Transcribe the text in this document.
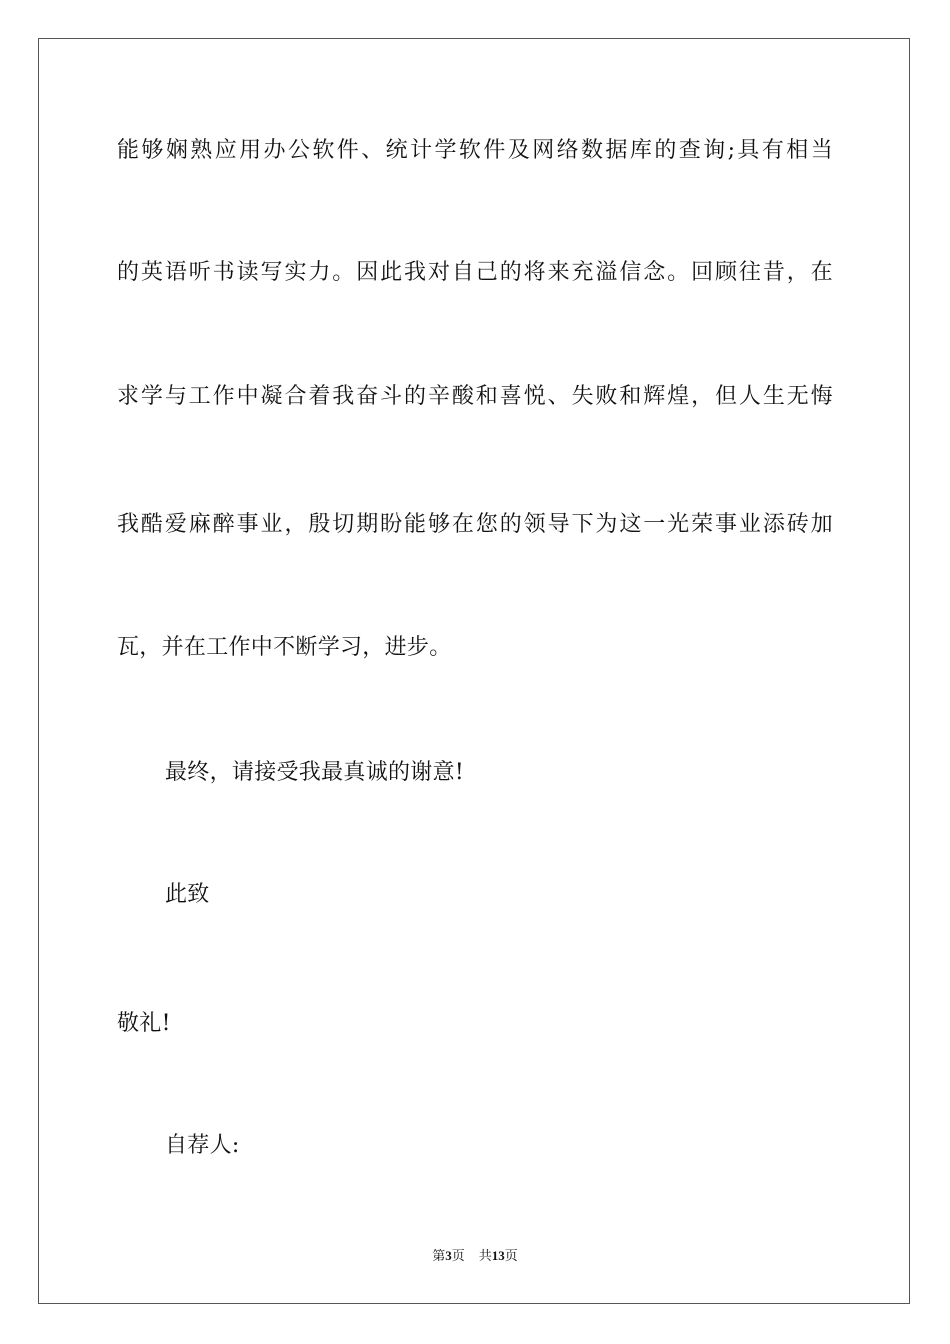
能够娴熟应用办公软件、统计学软件及网络数据库的查询;具有相当
的英语听书读写实力。因此我对自己的将来充溢信念。回顾往昔，在
求学与工作中凝合着我奋斗的辛酸和喜悦、失败和辉煌，但人生无悔
我酷爱麻醉事业，殷切期盼能够在您的领导下为这一光荣事业添砖加
瓦，并在工作中不断学习，进步。
最终，请接受我最真诚的谢意!
此致
敬礼!
自荐人:
第3页 共13页
